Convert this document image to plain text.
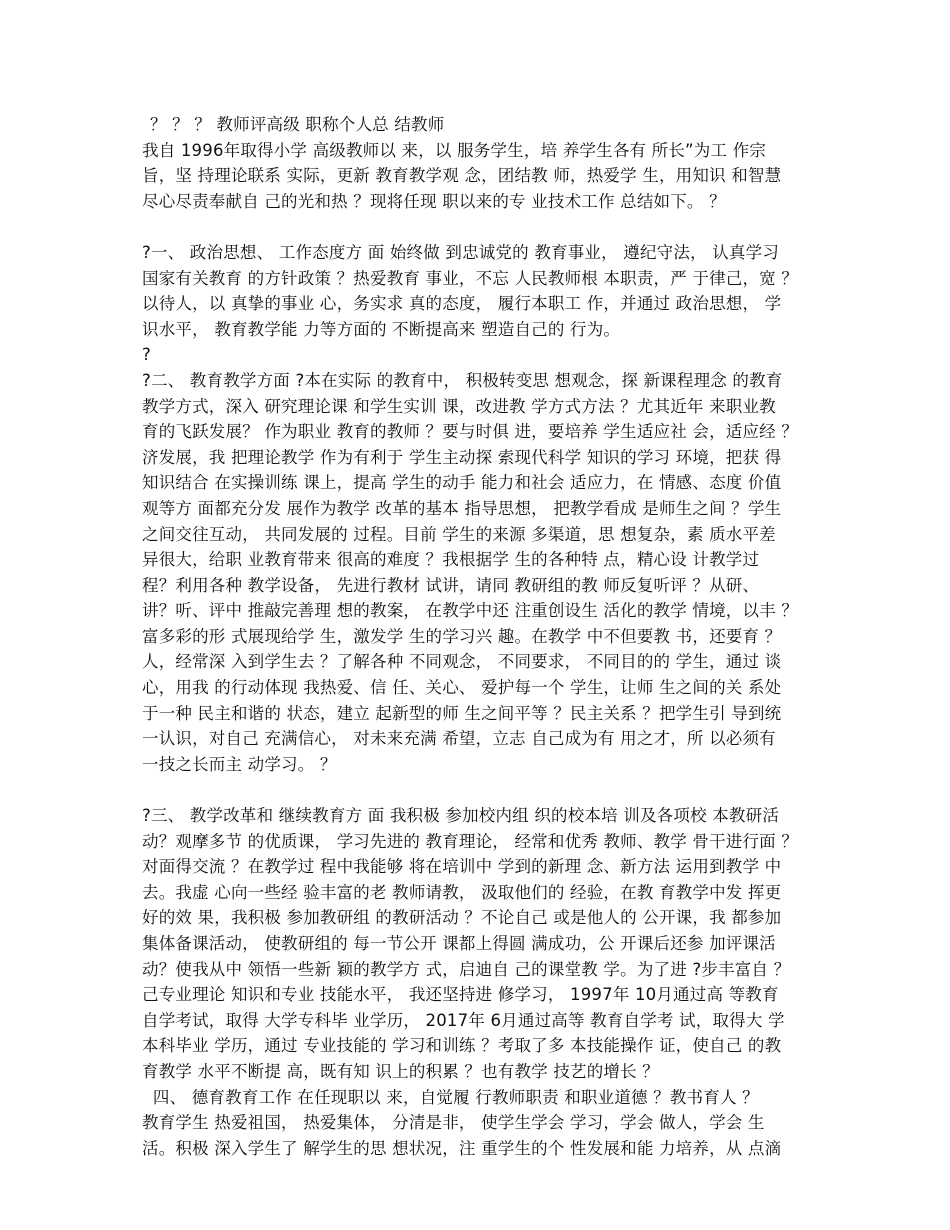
？ ？ ？ 教师评高级 职称个人总 结教师
我自 1996年取得小学 高级教师以 来，以 服务学生，培 养学生各有 所长”为工 作宗
旨，坚 持理论联系 实际，更新 教育教学观 念，团结教 师，热爱学 生，用知识 和智慧
尽心尽责奉献自 己的光和热 ？现将任现 职以来的专 业技术工作 总结如下。 ？
?一、 政治思想、 工作态度方 面 始终做 到忠诚党的 教育事业， 遵纪守法， 认真学习
国家有关教育 的方针政策 ？热爱教育 事业，不忘 人民教师根 本职责，严 于律己，宽 ？
以待人，以 真挚的事业 心，务实求 真的态度， 履行本职工 作，并通过 政治思想， 学
识水平， 教育教学能 力等方面的 不断提高来 塑造自己的 行为。
?
?二、 教育教学方面 ?本在实际 的教育中， 积极转变思 想观念，探 新课程理念 的教育
教学方式，深入 研究理论课 和学生实训 课，改进教 学方式方法 ？尤其近年 来职业教
育的飞跃发展？ 作为职业 教育的教师 ？要与时俱 进，要培养 学生适应社 会，适应经 ？
济发展，我 把理论教学 作为有利于 学生主动探 索现代科学 知识的学习 环境，把获 得
知识结合 在实操训练 课上，提高 学生的动手 能力和社会 适应力，在 情感、态度 价值
观等方 面都充分发 展作为教学 改革的基本 指导思想， 把教学看成 是师生之间 ？学生
之间交往互动， 共同发展的 过程。目前 学生的来源 多渠道，思 想复杂，素 质水平差
异很大，给职 业教育带来 很高的难度 ？我根据学 生的各种特 点，精心设 计教学过
程？利用各种 教学设备， 先进行教材 试讲，请同 教研组的教 师反复听评 ？从研、
讲？听、评中 推敲完善理 想的教案， 在教学中还 注重创设生 活化的教学 情境，以丰 ？
富多彩的形 式展现给学 生，激发学 生的学习兴 趣。在教学 中不但要教 书，还要育 ？
人，经常深 入到学生去 ？了解各种 不同观念， 不同要求， 不同目的的 学生，通过 谈
心，用我 的行动体现 我热爱、信 任、关心、 爱护每一个 学生，让师 生之间的关 系处
于一种 民主和谐的 状态，建立 起新型的师 生之间平等 ？民主关系 ？把学生引 导到统
一认识，对自己 充满信心， 对未来充满 希望，立志 自己成为有 用之才，所 以必须有
一技之长而主 动学习。 ？
?三、 教学改革和 继续教育方 面 我积极 参加校内组 织的校本培 训及各项校 本教研活
动？观摩多节 的优质课， 学习先进的 教育理论， 经常和优秀 教师、教学 骨干进行面 ？
对面得交流 ？在教学过 程中我能够 将在培训中 学到的新理 念、新方法 运用到教学 中
去。我虚 心向一些经 验丰富的老 教师请教， 汲取他们的 经验，在教 育教学中发 挥更
好的效 果，我积极 参加教研组 的教研活动 ？不论自己 或是他人的 公开课，我 都参加
集体备课活动， 使教研组的 每一节公开 课都上得圆 满成功，公 开课后还参 加评课活
动？使我从中 领悟一些新 颖的教学方 式，启迪自 己的课堂教 学。为了进 ?步丰富自 ？
己专业理论 知识和专业 技能水平， 我还坚持进 修学习， 1997年 10月通过高 等教育
自学考试，取得 大学专科毕 业学历， 2017年 6月通过高等 教育自学考 试，取得大 学
本科毕业 学历，通过 专业技能的 学习和训练 ？考取了多 本技能操作 证，使自己 的教
育教学 水平不断提 高，既有知 识上的积累 ？也有教学 技艺的增长 ？
四、 德育教育工作 在任现职以 来，自觉履 行教师职责 和职业道德 ？教书育人 ？
教育学生 热爱祖国， 热爱集体， 分清是非， 使学生学会 学习，学会 做人，学会 生
活。积极 深入学生了 解学生的思 想状况，注 重学生的个 性发展和能 力培养，从 点滴
